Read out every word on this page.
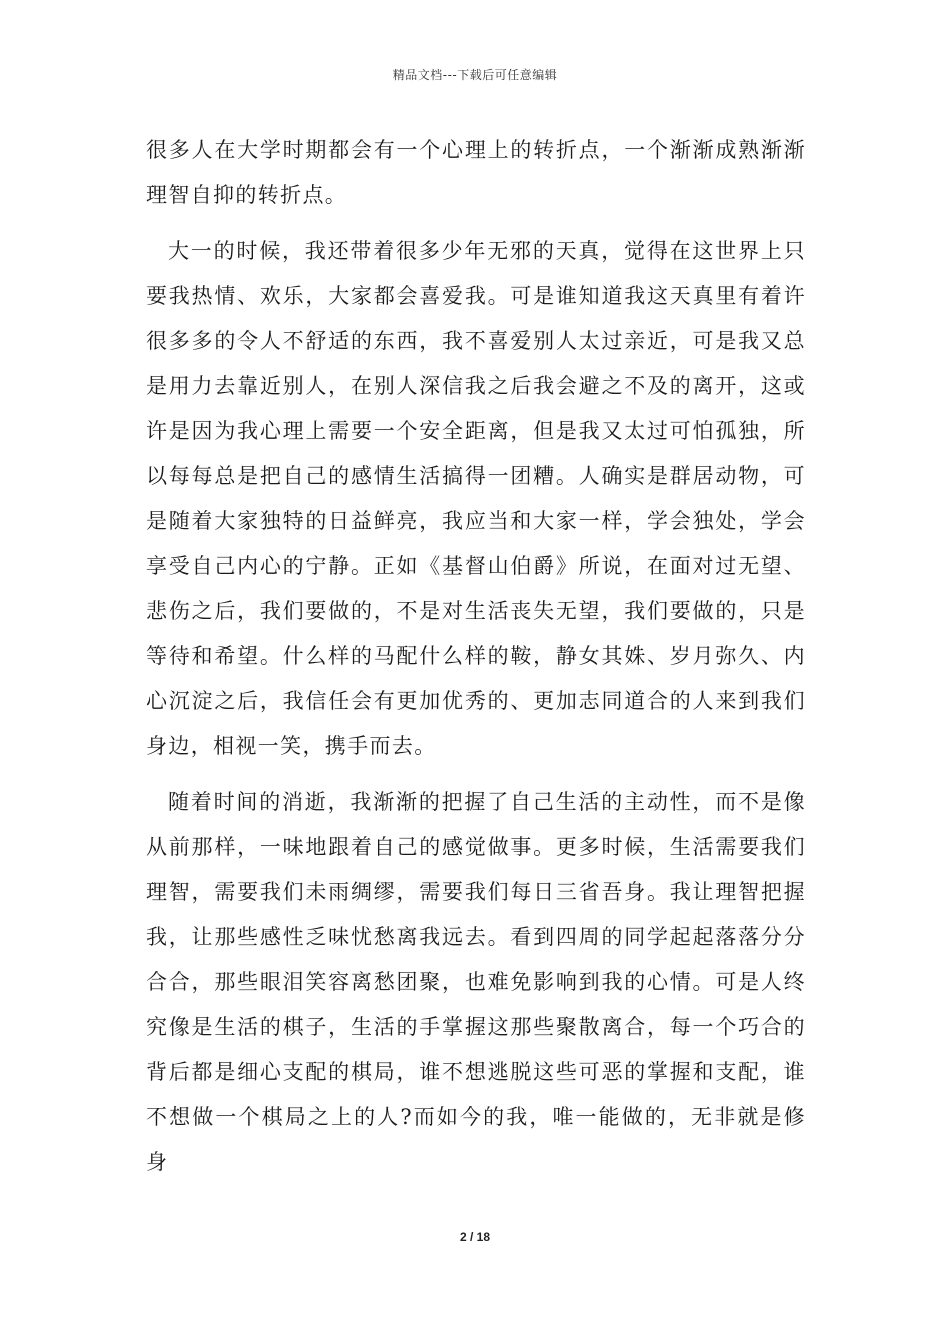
精品文档---下载后可任意编辑

很多人在大学时期都会有一个心理上的转折点，一个渐渐成熟渐渐理智自抑的转折点。

大一的时候，我还带着很多少年无邪的天真，觉得在这世界上只要我热情、欢乐，大家都会喜爱我。可是谁知道我这天真里有着许很多多的令人不舒适的东西，我不喜爱别人太过亲近，可是我又总是用力去靠近别人，在别人深信我之后我会避之不及的离开，这或许是因为我心理上需要一个安全距离，但是我又太过可怕孤独，所以每每总是把自己的感情生活搞得一团糟。人确实是群居动物，可是随着大家独特的日益鲜亮，我应当和大家一样，学会独处，学会享受自己内心的宁静。正如《基督山伯爵》所说，在面对过无望、悲伤之后，我们要做的，不是对生活丧失无望，我们要做的，只是等待和希望。什么样的马配什么样的鞍，静女其姝、岁月弥久、内心沉淀之后，我信任会有更加优秀的、更加志同道合的人来到我们身边，相视一笑，携手而去。

随着时间的消逝，我渐渐的把握了自己生活的主动性，而不是像从前那样，一味地跟着自己的感觉做事。更多时候，生活需要我们理智，需要我们未雨绸缪，需要我们每日三省吾身。我让理智把握我，让那些感性乏味忧愁离我远去。看到四周的同学起起落落分分合合，那些眼泪笑容离愁团聚，也难免影响到我的心情。可是人终究像是生活的棋子，生活的手掌握这那些聚散离合，每一个巧合的背后都是细心支配的棋局，谁不想逃脱这些可恶的掌握和支配，谁不想做一个棋局之上的人?而如今的我，唯一能做的，无非就是修身

2 / 18
